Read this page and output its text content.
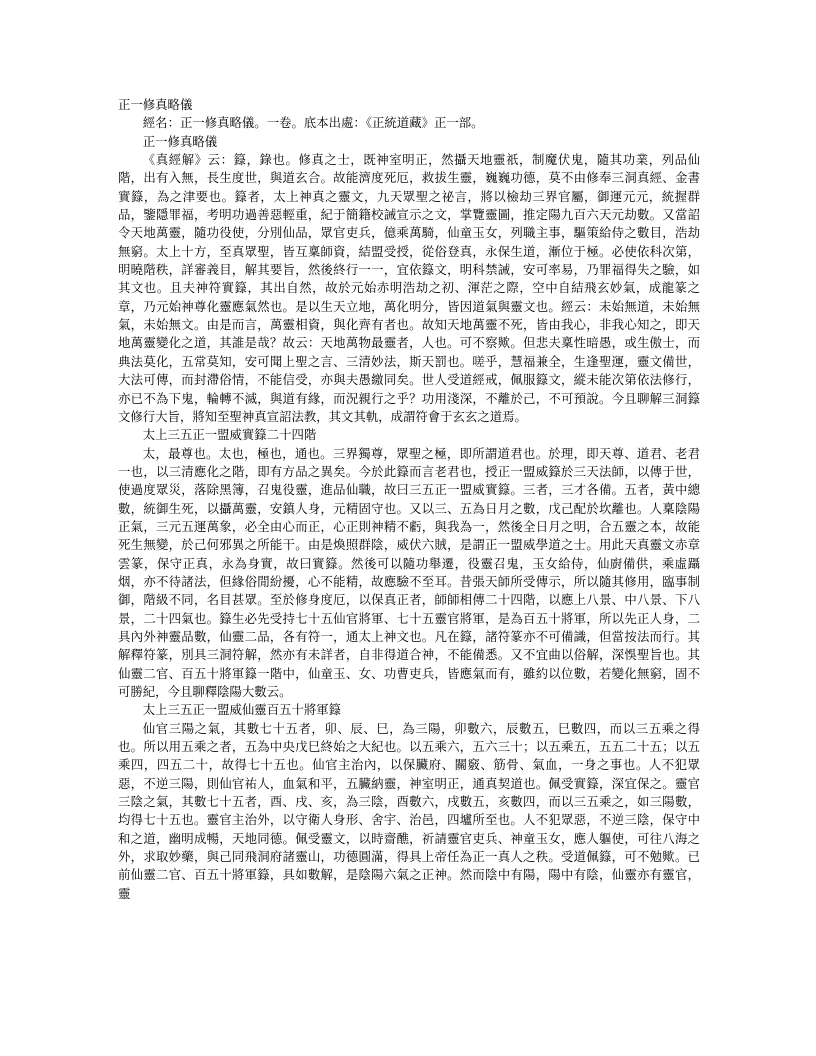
正一修真略儀

經名：正一修真略儀。一卷。底本出處：《正統道藏》正一部。

正一修真略儀

《真經解》云：籙，錄也。修真之士，既神室明正，然攝天地靈祇，制魔伏鬼，隨其功業，列品仙階，出有入無，長生度世，與道玄合。故能濟度死厄，救拔生靈，巍巍功德，莫不由修奉三洞真經、金書實籙，為之津要也。籙者，太上神真之靈文，九天眾聖之祕言，將以檢劫三界官屬，御運元元，統握群品，鑒隱罪福，考明功過善惡輕重，紀于簡籍校誡宣示之文，掌覽靈圖，推定陽九百六天元劫數。又當詔令天地萬靈，隨功役使，分別仙品，眾官吏兵，億乘萬騎，仙童玉女，列職主事，驅策給侍之數目，浩劫無窮。太上十方，至真眾聖，皆互稟師資，結盟受授，從俗登真，永保生道，漸位于極。必使依科次第，明曉階秩，詳審義目，解其要旨，然後終行一一，宜依籙文，明科禁誡，安可率易，乃罪福得失之驗，如其文也。且夫神符實籙，其出自然，故於元始赤明浩劫之初、渾茫之際，空中自結飛玄妙氣，成龍篆之章，乃元始神尊化靈應氣然也。是以生天立地，萬化明分，皆因道氣與靈文也。經云：未始無道，未始無氣，未始無文。由是而言，萬靈相資，與化齊有者也。故知天地萬靈不死，皆由我心，非我心知之，即天地萬靈變化之道，其誰是哉？故云：天地萬物最靈者，人也。可不察歟。但悲夫稟性暗愚，或生傲士，而典法莫化，五常莫知，安可聞上聖之言、三清妙法，斯天罰也。嗟乎，慧福兼全，生逢聖運，靈文備世，大法可傳，而封滯俗情，不能信受，亦與夫愚繳同矣。世人受道經戒，佩服籙文，縱未能次第依法修行，亦已不為下鬼，輪轉不滅，與道有緣，而況親行之乎？功用淺深，不離於己，不可預說。今且聊解三洞籙文修行大旨，將知至聖神真宣詔法教，其文其軌，成謂符會于玄玄之道焉。

太上三五正一盟威實籙二十四階

太，最尊也。太也，極也，通也。三界獨尊，眾聖之極，即所謂道君也。於理，即天尊、道君、老君一也，以三清應化之階，即有方品之異矣。今於此籙而言老君也，授正一盟威籙於三天法師，以傳于世，使過度眾災，落除黑簿，召鬼役靈，進品仙職，故曰三五正一盟威實籙。三者，三才各備。五者，黃中總數，統御生死，以攝萬靈，安鎮人身，元精固守也。又以三、五為日月之數，戊己配於坎離也。人稟陰陽正氣，三元五運萬象，必全由心而正，心正則神精不虧，與我為一，然後全日月之明，合五靈之本，故能死生無變，於己何邪異之所能干。由是煥照群陰，威伏六賊，是謂正一盟威學道之士。用此天真靈文赤章雲篆，保守正真，永為身實，故曰實籙。然後可以隨功舉遷，役靈召鬼，玉女給侍，仙廚備供，乘虛躡烟，亦不待諸法，但緣俗閒紛擾，心不能精，故應驗不至耳。昔張天師所受傳示，所以隨其修用，臨事制御，階級不同，名目甚眾。至於修身度厄，以保真正者，師師相傳二十四階，以應上八景、中八景、下八景，二十四氣也。籙生必先受持七十五仙官將軍、七十五靈官將軍，是為百五十將軍，所以先正人身，二具內外神靈品數，仙靈二品，各有符一，通太上神文也。凡在籙，諸符篆亦不可備識，但當按法而行。其解釋符篆，別具三洞符解，然亦有未詳者，自非得道合神，不能備悉。又不宜曲以俗解，深悞聖旨也。其仙靈二官、百五十將軍籙一階中，仙童玉、女、功曹吏兵，皆應氣而有，雖約以位數，若變化無窮，固不可勝紀，今且聊釋陰陽大數云。

太上三五正一盟威仙靈百五十將軍籙

仙官三陽之氣，其數七十五者，卯、辰、巳，為三陽，卯數六，辰數五，巳數四，而以三五乘之得也。所以用五乘之者，五為中央戊巳終始之大紀也。以五乘六，五六三十；以五乘五，五五二十五；以五乘四，四五二十，故得七十五也。仙官主治內，以保臟府、關竅、筋骨、氣血，一身之事也。人不犯眾惡，不逆三陽，則仙官祐人，血氣和平，五臟納靈，神室明正，通真契道也。佩受實籙，深宜保之。靈官三陰之氣，其數七十五者，酉、戌、亥，為三陰，酉數六，戌數五，亥數四，而以三五乘之，如三陽數，均得七十五也。靈官主治外，以守衛人身形、舍宇、治邑，四壚所至也。人不犯眾惡，不逆三陰，保守中和之道，幽明成暢，天地同德。佩受靈文，以時齋醮，祈請靈官吏兵、神童玉女，應人軀使，可往八海之外，求取妙藥，與己同飛洞府諸靈山，功德圓滿，得具上帝任為正一真人之秩。受道佩籙，可不勉歟。已前仙靈二官、百五十將軍籙，具如數解，是陰陽六氣之正神。然而陰中有陽，陽中有陰，仙靈亦有靈官，靈
